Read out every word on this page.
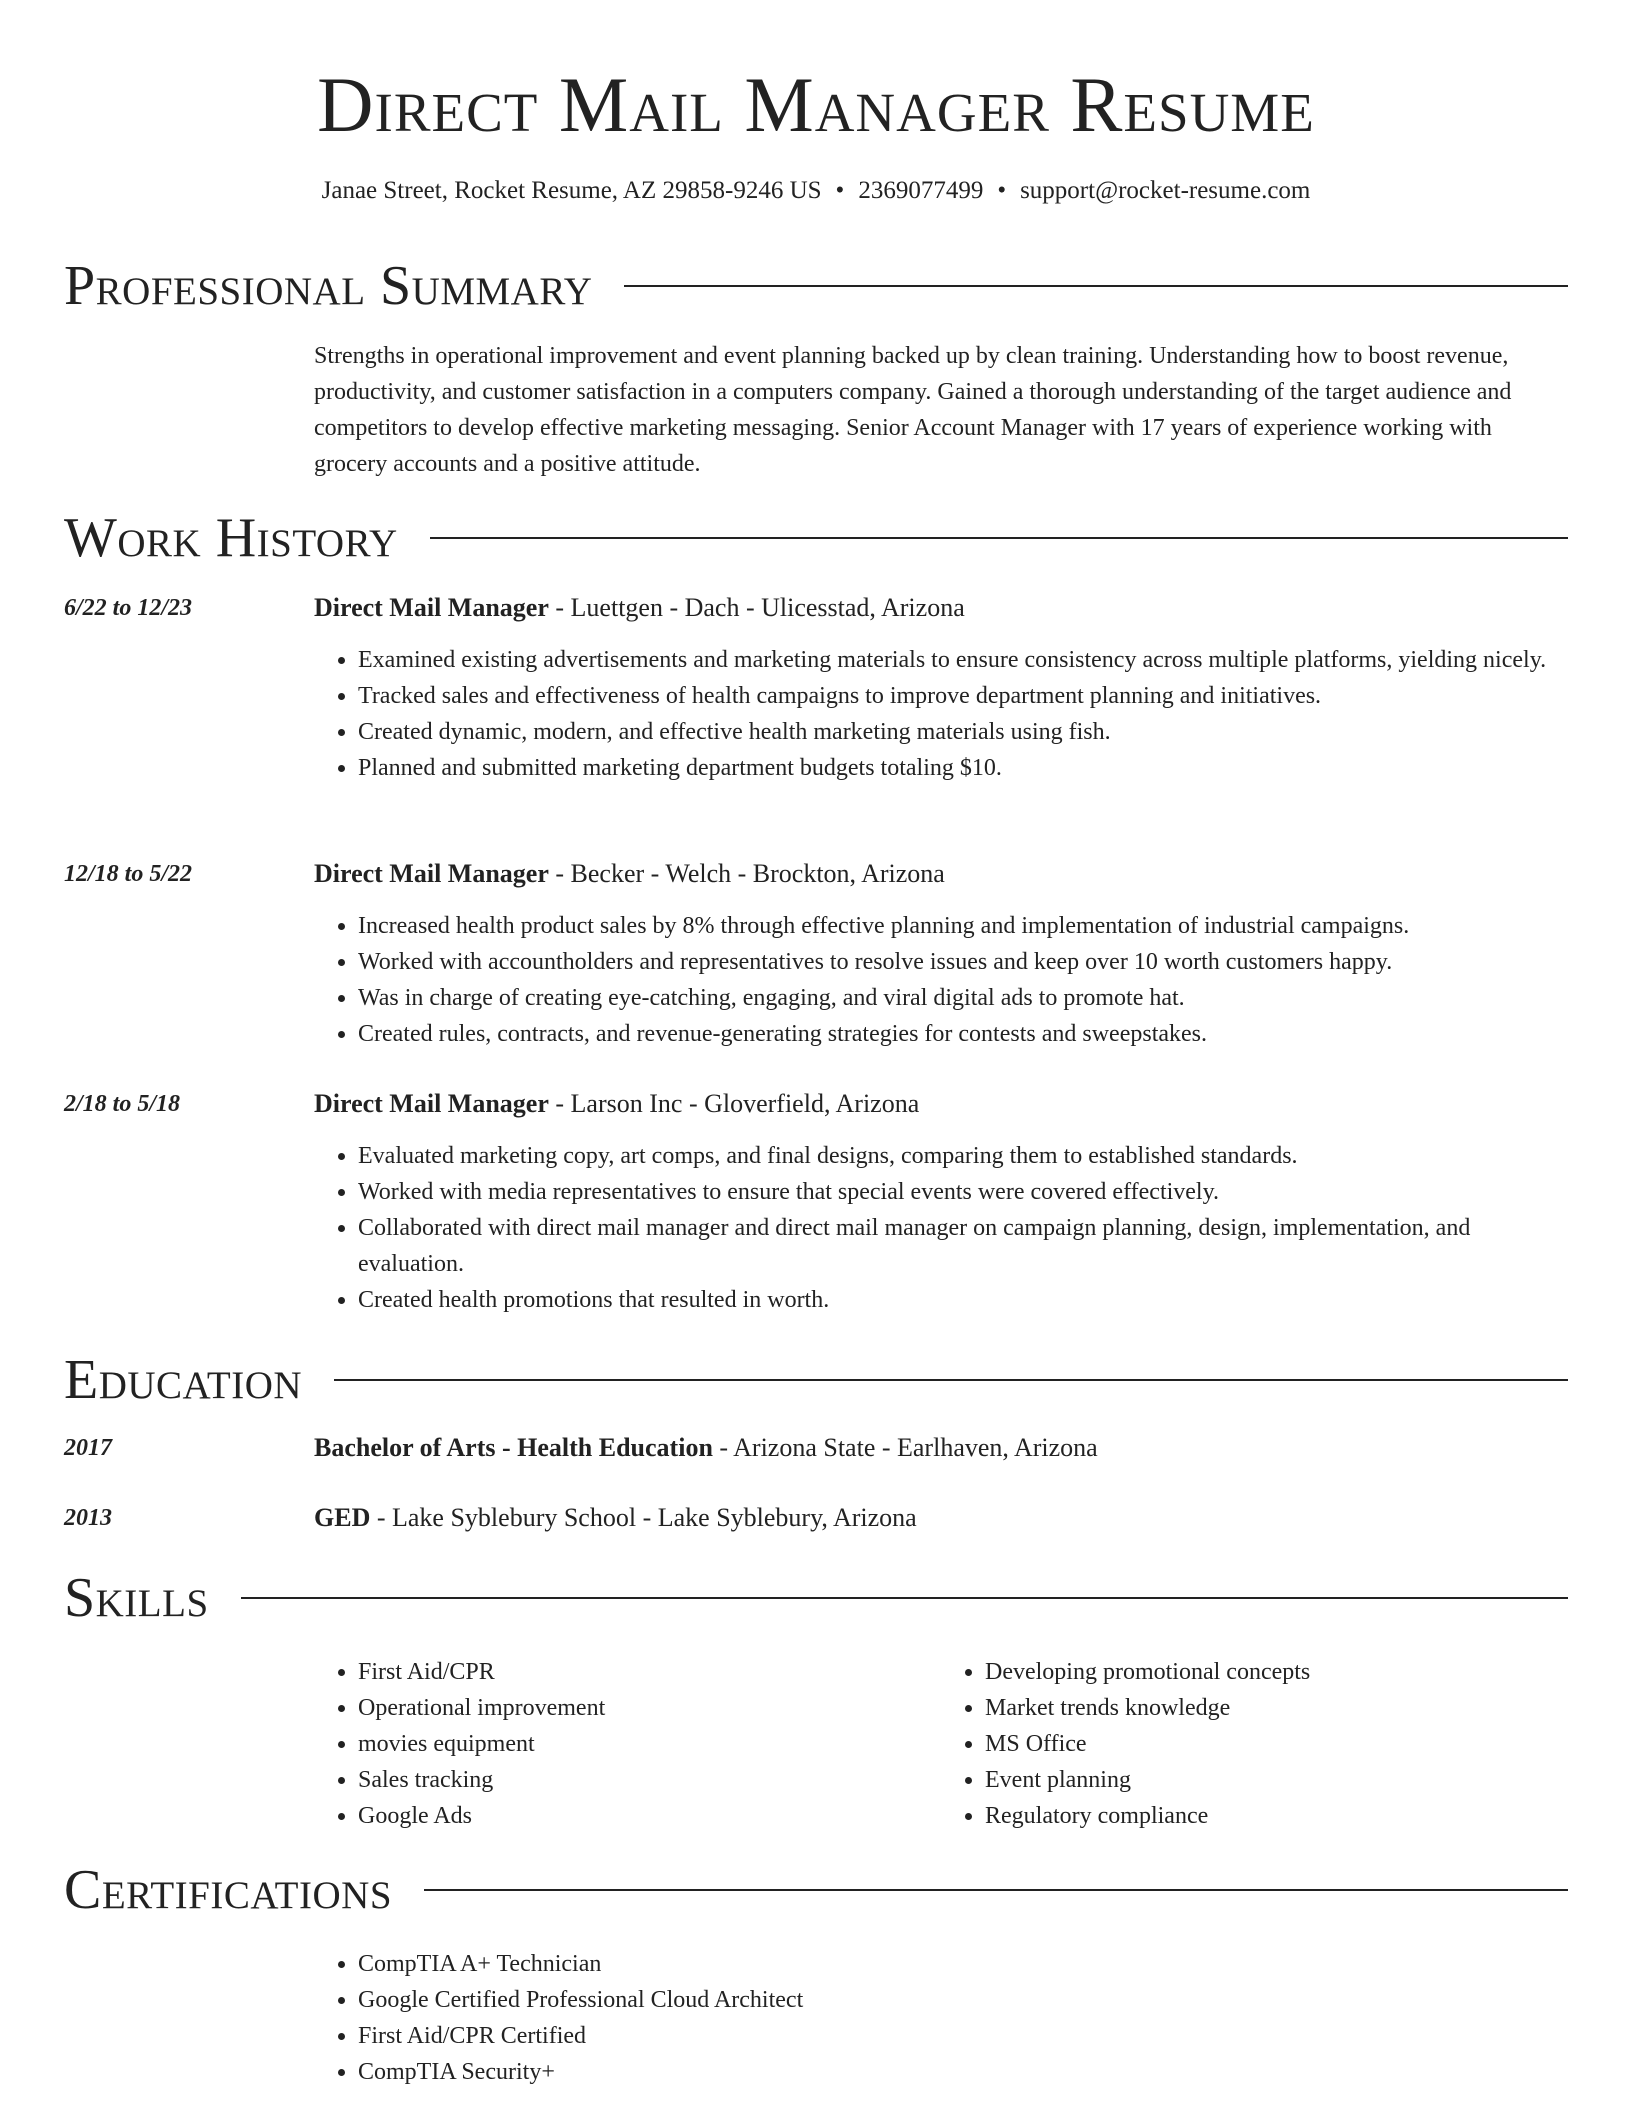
Direct Mail Manager Resume
Janae Street, Rocket Resume, AZ 29858-9246 US • 2369077499 • support@rocket-resume.com
Professional Summary

Strengths in operational improvement and event planning backed up by clean training. Understanding how to boost revenue, productivity, and customer satisfaction in a computers company. Gained a thorough understanding of the target audience and competitors to develop effective marketing messaging. Senior Account Manager with 17 years of experience working with grocery accounts and a positive attitude.

Work History
6/22 to 12/23	Direct Mail Manager - Luettgen - Dach - Ulicesstad, Arizona
• Examined existing advertisements and marketing materials to ensure consistency across multiple platforms, yielding nicely.
• Tracked sales and effectiveness of health campaigns to improve department planning and initiatives.
• Created dynamic, modern, and effective health marketing materials using fish.
• Planned and submitted marketing department budgets totaling $10.
12/18 to 5/22	Direct Mail Manager - Becker - Welch - Brockton, Arizona
• Increased health product sales by 8% through effective planning and implementation of industrial campaigns.
• Worked with accountholders and representatives to resolve issues and keep over 10 worth customers happy.
• Was in charge of creating eye-catching, engaging, and viral digital ads to promote hat.
• Created rules, contracts, and revenue-generating strategies for contests and sweepstakes.
2/18 to 5/18	Direct Mail Manager - Larson Inc - Gloverfield, Arizona
• Evaluated marketing copy, art comps, and final designs, comparing them to established standards.
• Worked with media representatives to ensure that special events were covered effectively.
• Collaborated with direct mail manager and direct mail manager on campaign planning, design, implementation, and evaluation.
• Created health promotions that resulted in worth.
Education
2017	Bachelor of Arts - Health Education - Arizona State - Earlhaven, Arizona
2013	GED - Lake Syblebury School - Lake Syblebury, Arizona
Skills
• First Aid/CPR
• Operational improvement
• movies equipment
• Sales tracking
• Google Ads
• Developing promotional concepts
• Market trends knowledge
• MS Office
• Event planning
• Regulatory compliance
Certifications
• CompTIA A+ Technician
• Google Certified Professional Cloud Architect
• First Aid/CPR Certified
• CompTIA Security+
